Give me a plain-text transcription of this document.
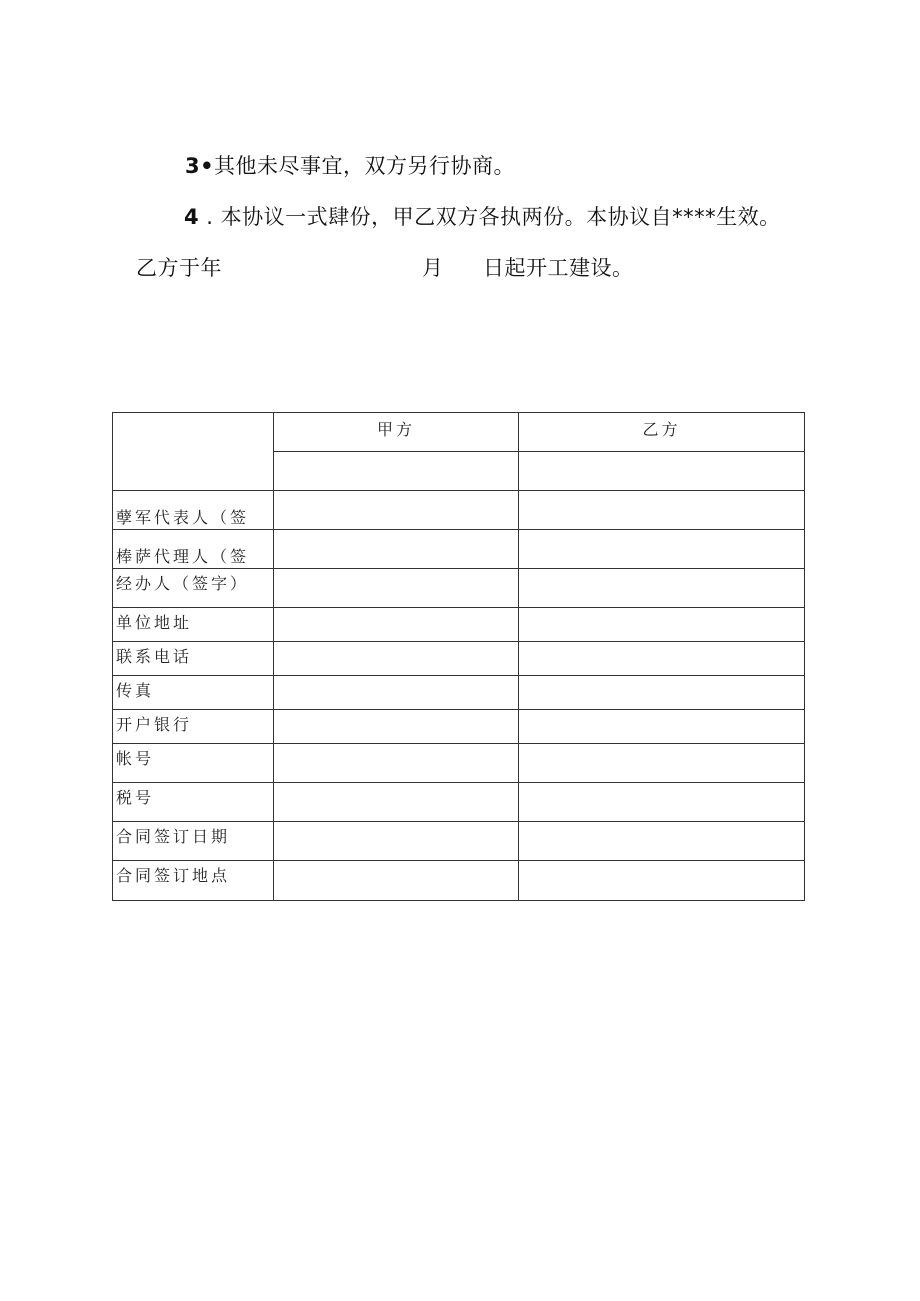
3•其他未尽事宜，双方另行协商。
4 . 本协议一式肆份，甲乙双方各执两份。本协议自****生效。
乙方于年	月 日起开工建设。
	甲方	乙方

孽军代表人（签		
棒萨代理人（签		
经办人（签字）		
单位地址		
联系电话		
传真		
开户银行		
帐号		
税号		
合同签订日期		
合同签订地点		
